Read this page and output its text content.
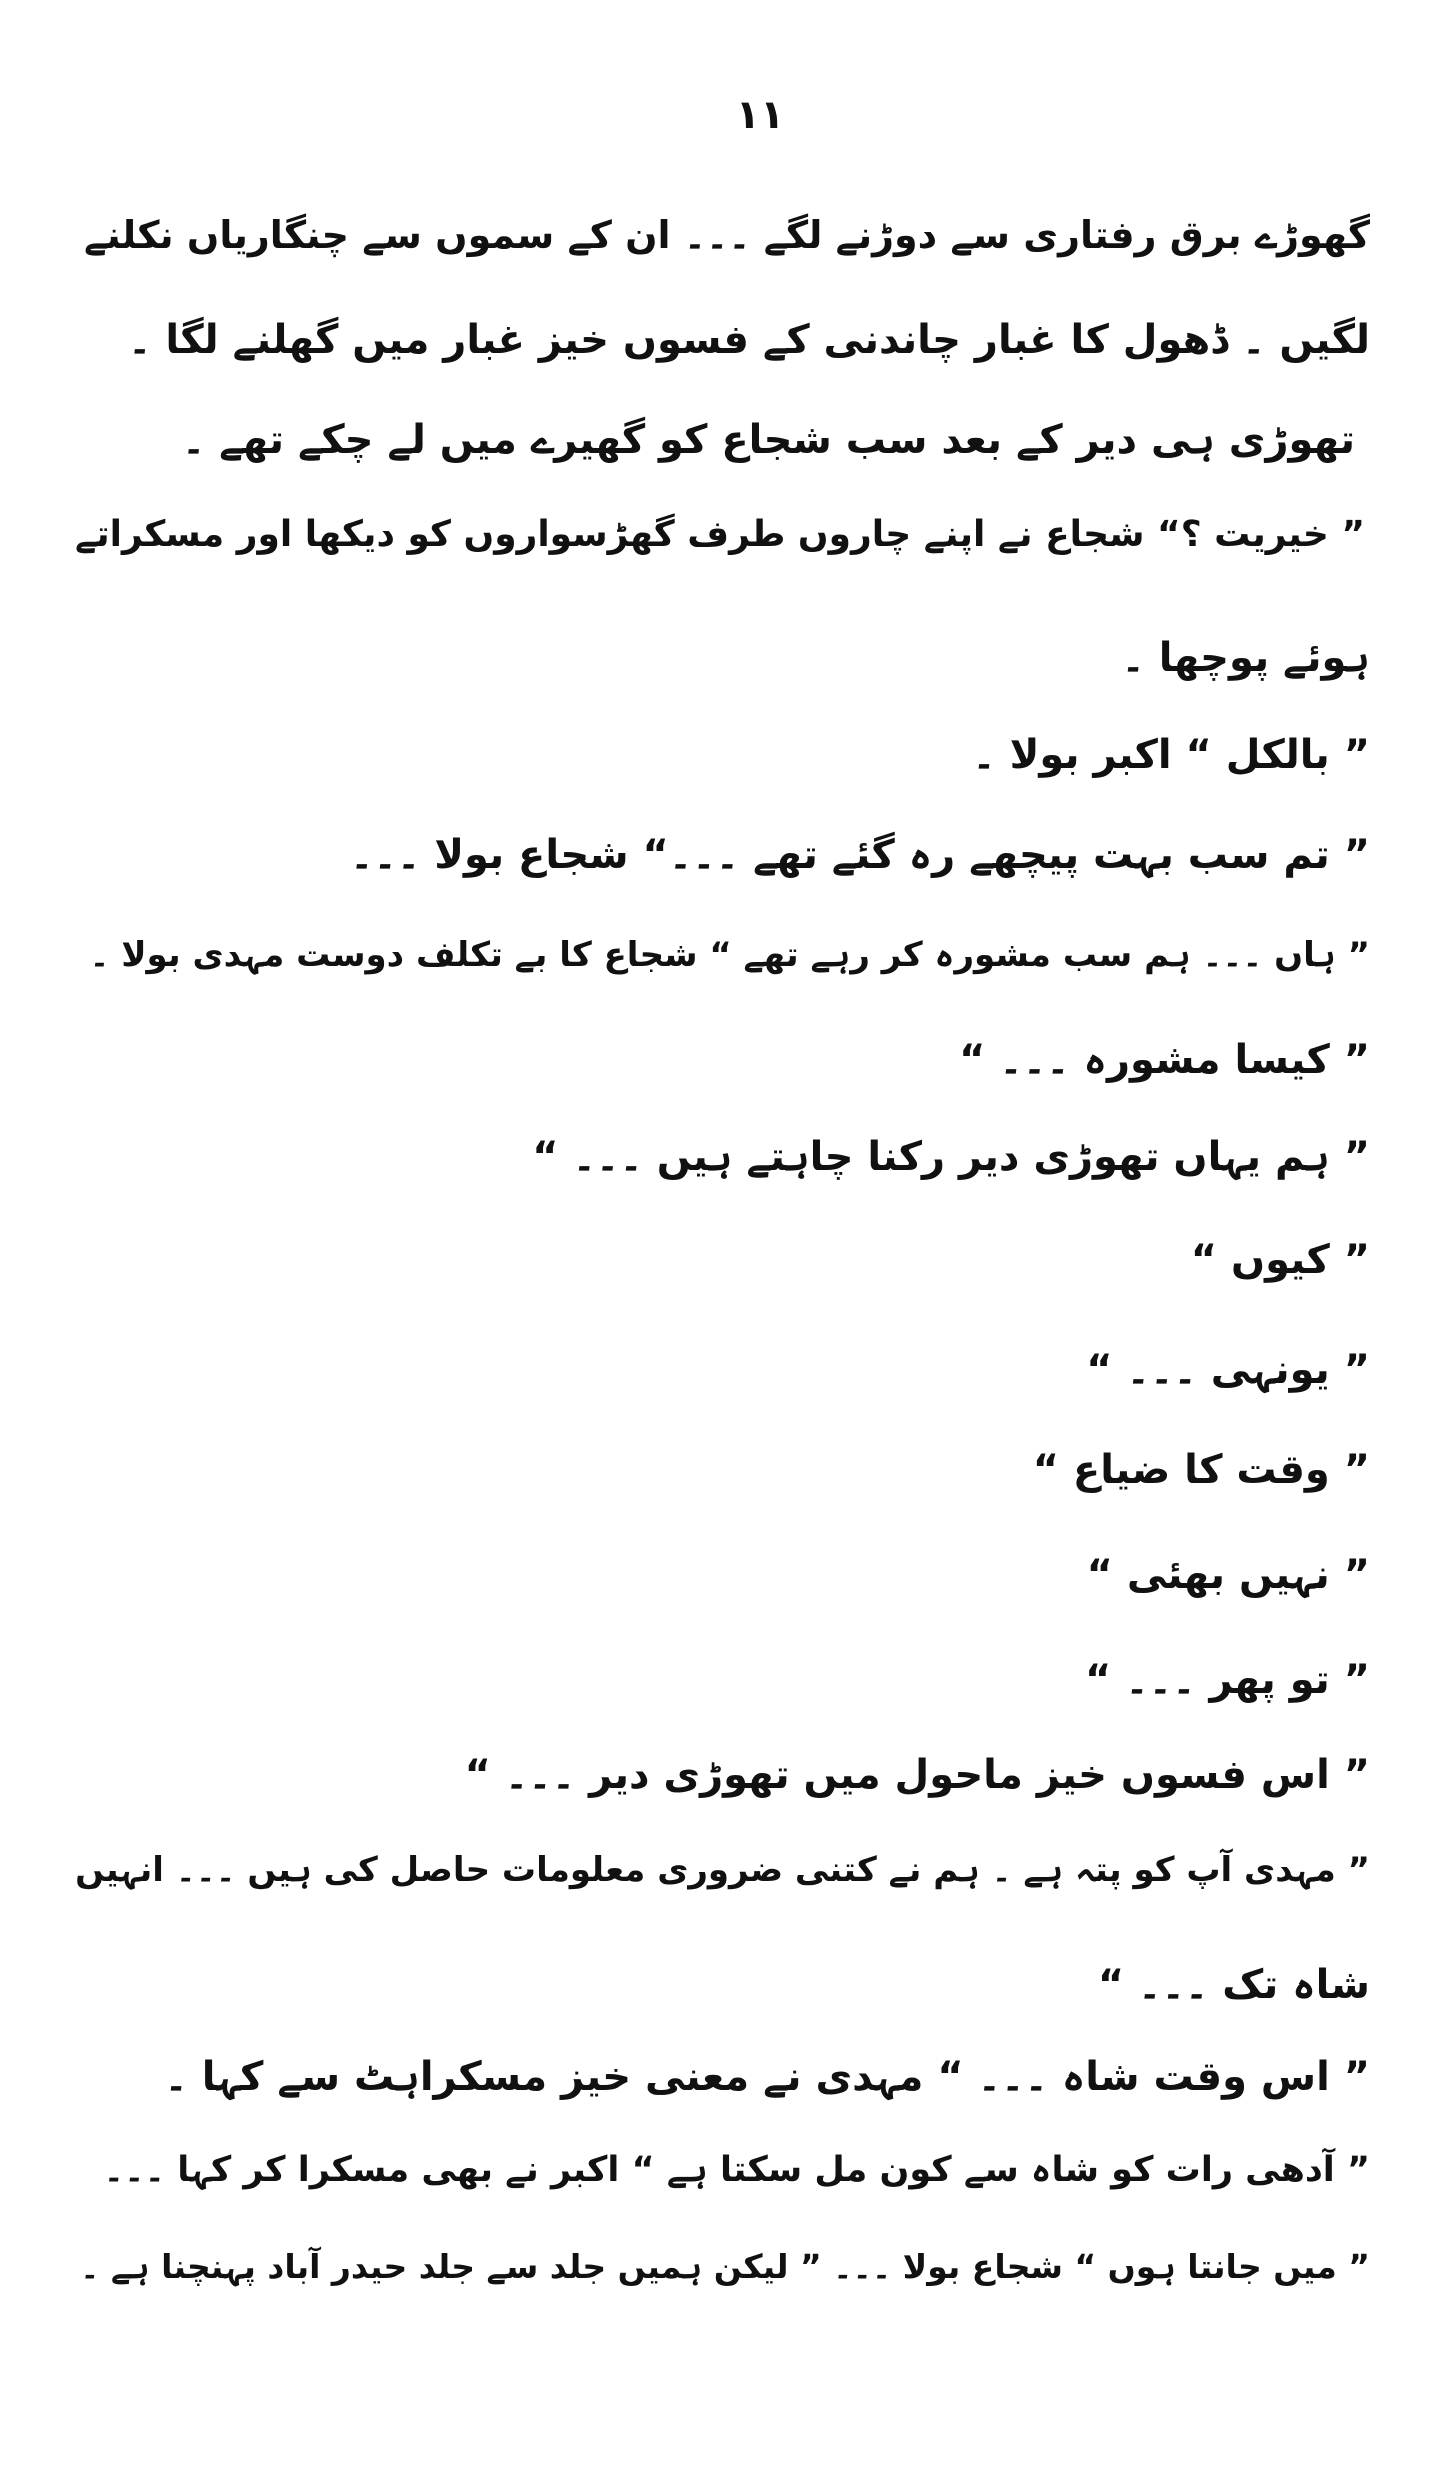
۱۱
گھوڑے برق رفتاری سے دوڑنے لگے ۔۔۔ ان کے سموں سے چنگاریاں نکلنے
لگیں ۔ ڈھول کا غبار چاندنی کے فسوں خیز غبار میں گھلنے لگا ۔
تھوڑی ہی دیر کے بعد سب شجاع کو گھیرے میں لے چکے تھے ۔
” خیریت ؟“ شجاع نے اپنے چاروں طرف گھڑسواروں کو دیکھا اور مسکراتے
ہوئے پوچھا ۔
” بالکل “ اکبر بولا ۔
” تم سب بہت پیچھے رہ گئے تھے ۔۔۔“ شجاع بولا ۔۔۔
” ہاں ۔۔۔ ہم سب مشورہ کر رہے تھے “ شجاع کا بے تکلف دوست مہدی بولا ۔
” کیسا مشورہ ۔۔۔ “
” ہم یہاں تھوڑی دیر رکنا چاہتے ہیں ۔۔۔ “
” کیوں “
” یونہی ۔۔۔ “
” وقت کا ضیاع “
” نہیں بھئی “
” تو پھر ۔۔۔ “
” اس فسوں خیز ماحول میں تھوڑی دیر ۔۔۔ “
” مہدی آپ کو پتہ ہے ۔ ہم نے کتنی ضروری معلومات حاصل کی ہیں ۔۔۔ انہیں
شاہ تک ۔۔۔ “
” اس وقت شاہ ۔۔۔ “ مہدی نے معنی خیز مسکراہٹ سے کہا ۔
” آدھی رات کو شاہ سے کون مل سکتا ہے “ اکبر نے بھی مسکرا کر کہا ۔۔۔
” میں جانتا ہوں “ شجاع بولا ۔۔۔ ” لیکن ہمیں جلد سے جلد حیدر آباد پہنچنا ہے ۔
